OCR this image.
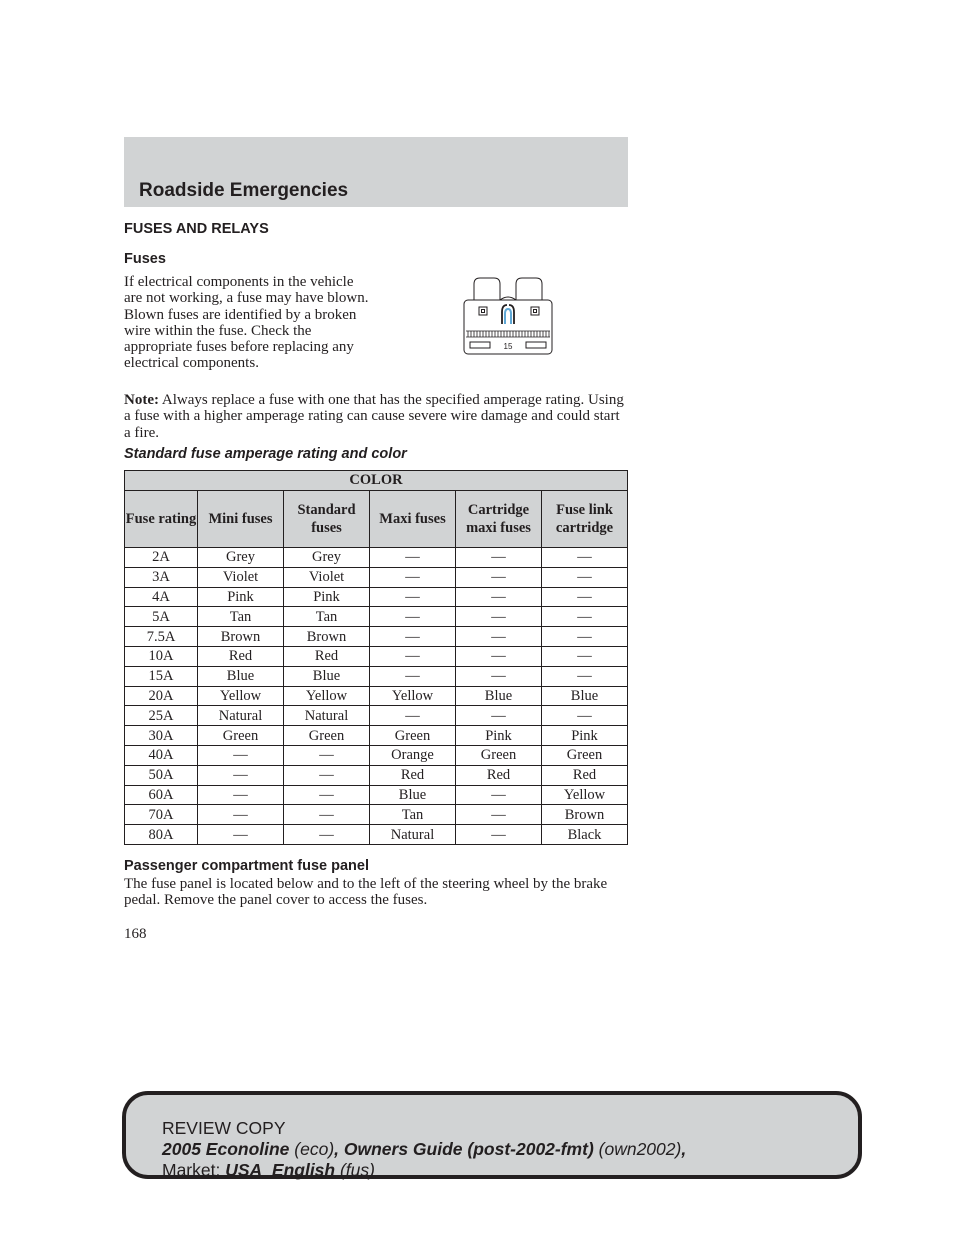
Roadside Emergencies
FUSES AND RELAYS
Fuses
If electrical components in the vehicle are not working, a fuse may have blown. Blown fuses are identified by a broken wire within the fuse. Check the appropriate fuses before replacing any electrical components.
15
Note: Always replace a fuse with one that has the specified amperage rating. Using a fuse with a higher amperage rating can cause severe wire damage and could start a fire.
Standard fuse amperage rating and color
COLOR					
Fuse rating	Mini fuses	Standard fuses	Maxi fuses	Cartridge maxi fuses	Fuse link cartridge
2A	Grey	Grey	—	—	—
3A	Violet	Violet	—	—	—
4A	Pink	Pink	—	—	—
5A	Tan	Tan	—	—	—
7.5A	Brown	Brown	—	—	—
10A	Red	Red	—	—	—
15A	Blue	Blue	—	—	—
20A	Yellow	Yellow	Yellow	Blue	Blue
25A	Natural	Natural	—	—	—
30A	Green	Green	Green	Pink	Pink
40A	—	—	Orange	Green	Green
50A	—	—	Red	Red	Red
60A	—	—	Blue	—	Yellow
70A	—	—	Tan	—	Brown
80A	—	—	Natural	—	Black
Passenger compartment fuse panel
The fuse panel is located below and to the left of the steering wheel by the brake pedal. Remove the panel cover to access the fuses.
168
REVIEW COPY
2005 Econoline (eco), Owners Guide (post-2002-fmt) (own2002),
Market: USA_English (fus)
